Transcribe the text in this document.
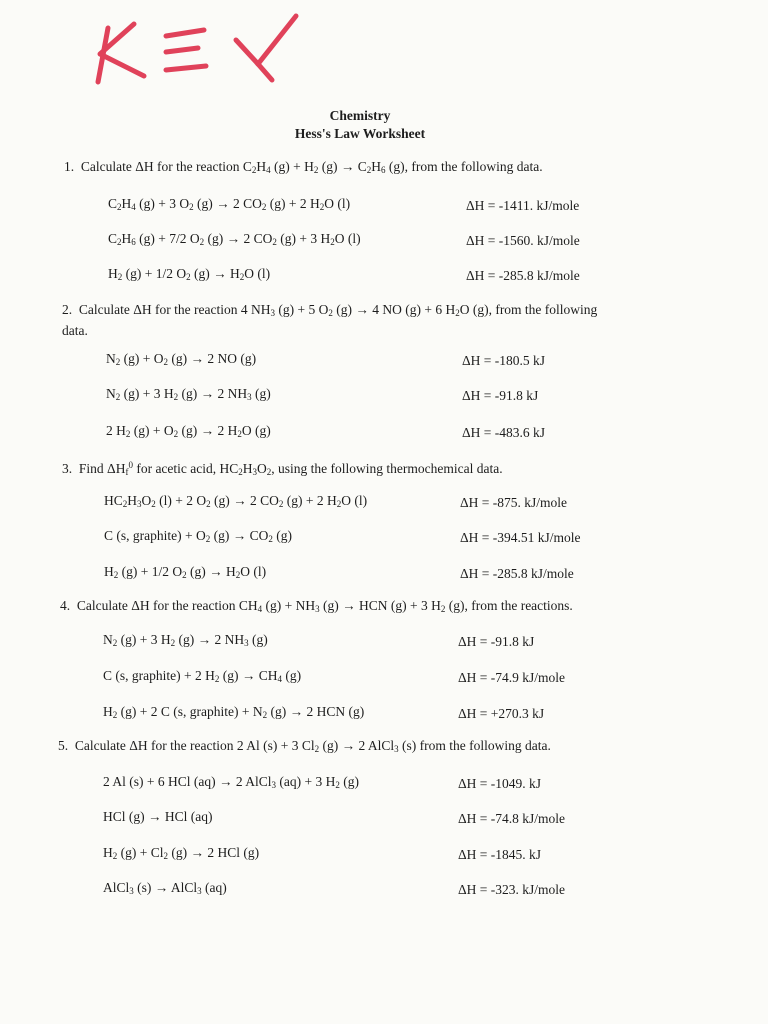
Chemistry
Hess's Law Worksheet
1.  Calculate ΔH for the reaction $C_2H_4$ $(g) + H_2$ $(g) \to C_2H_6$ (g), from the following data.
$C_2H_4$ (g) + 3 $O_2$ (g) → 2 $CO_2$ (g) + 2 $H_2O$ (l)	ΔH = -1411. kJ/mole
$C_2H_6$ (g) + 7/2 $O_2$ (g) → 2 $CO_2$ (g) + 3 $H_2O$ (l)	ΔH = -1560. kJ/mole
$H_2$ (g) + 1/2 $O_2$ $(g) \to H_2O$ (l)	ΔH = -285.8 kJ/mole
2.  Calculate ΔH for the reaction 4 $NH_3$ (g) + 5 $O_2$ (g) → 4 NO (g) + 6 $H_2O$ (g), from the following data.
$N_2$ $(g) + O_2$ (g) → 2 NO (g)	ΔH = -180.5 kJ
$N_2$ (g) + 3 $H_2$ (g) → 2 $NH_3$ (g)	ΔH = -91.8 kJ
2 $H_2$ $(g) + O_2$ (g) → 2 $H_2O$ (g)	ΔH = -483.6 kJ
3.  Find $\Delta H_f^0$ for acetic acid, $HC_2H_3O_2$, using the following thermochemical data.
$HC_2H_3O_2$ (l) + 2 $O_2$ (g) → 2 $CO_2$ (g) + 2 $H_2O$ (l)	ΔH = -875. kJ/mole
C (s, graphite) + $O_2$ $(g) \to CO_2$ (g)	ΔH = -394.51 kJ/mole
$H_2$ (g) + 1/2 $O_2$ $(g) \to H_2O$ (l)	ΔH = -285.8 kJ/mole
4.  Calculate ΔH for the reaction $CH_4$ $(g) + NH_3$ (g) → HCN (g) + 3 $H_2$ (g), from the reactions.
$N_2$ (g) + 3 $H_2$ (g) → 2 $NH_3$ (g)	ΔH = -91.8 kJ
C (s, graphite) + 2 $H_2$ $(g) \to CH_4$ (g)	ΔH = -74.9 kJ/mole
$H_2$ (g) + 2 C (s, graphite) + $N_2$ (g) → 2 HCN (g)	ΔH = +270.3 kJ
5.  Calculate ΔH for the reaction 2 Al (s) + 3 $Cl_2$ (g) → 2 AlCl$_3$ (s) from the following data.
2 Al (s) + 6 HCl (aq) → 2 AlCl$_3$ (aq) + 3 $H_2$ (g)	ΔH = -1049. kJ
HCl (g) → HCl (aq)	ΔH = -74.8 kJ/mole
$H_2$ $(g) + Cl_2$ (g) → 2 HCl (g)	ΔH = -1845. kJ
AlCl$_3$ (s) → AlCl$_3$ (aq)	ΔH = -323. kJ/mole
